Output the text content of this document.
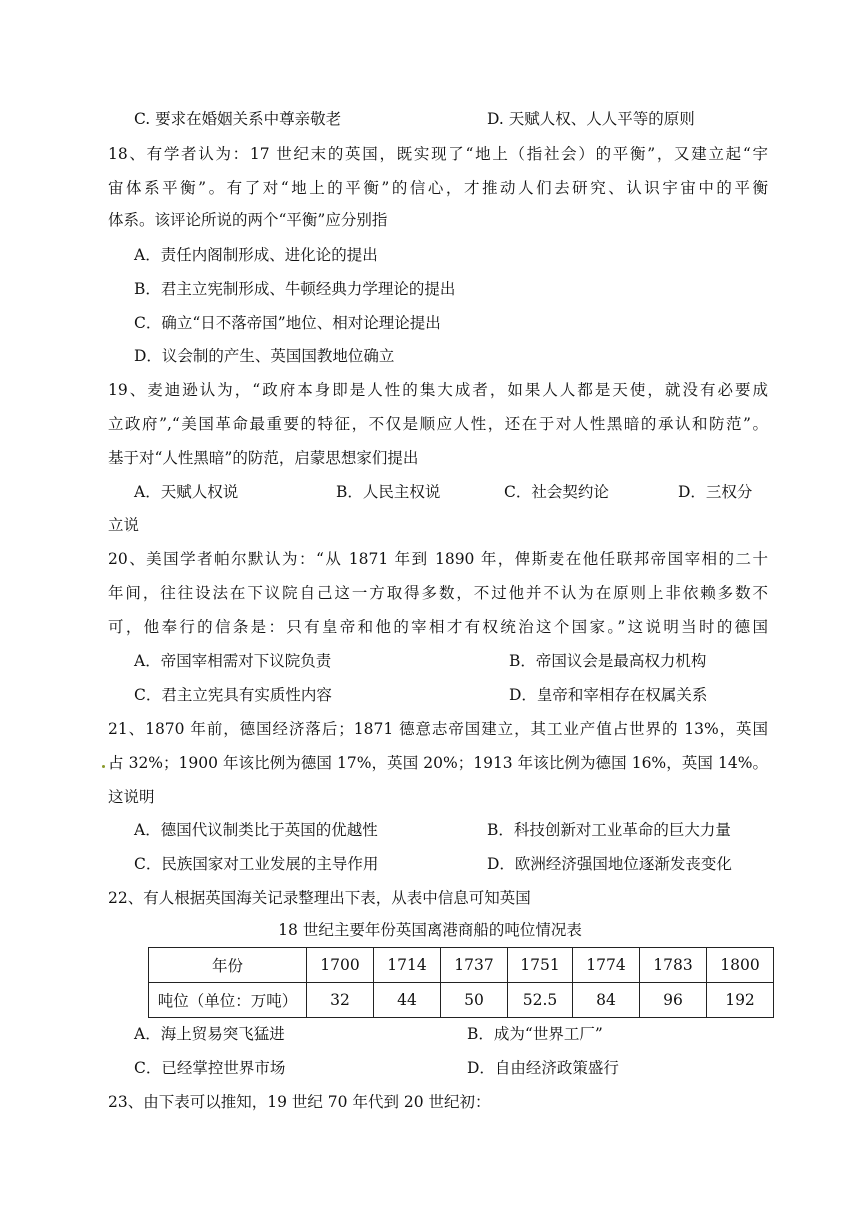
C. 要求在婚姻关系中尊亲敬老	D. 天赋人权、人人平等的原则
18、有学者认为：17 世纪末的英国，既实现了“地上（指社会）的平衡”，又建立起“宇
宙体系平衡”。有了对“地上的平衡”的信心，才推动人们去研究、认识宇宙中的平衡
体系。该评论所说的两个“平衡”应分别指
A．责任内阁制形成、进化论的提出
B．君主立宪制形成、牛顿经典力学理论的提出
C．确立“日不落帝国”地位、相对论理论提出
D．议会制的产生、英国国教地位确立
19、麦迪逊认为，“政府本身即是人性的集大成者，如果人人都是天使，就没有必要成
立政府”,“美国革命最重要的特征，不仅是顺应人性，还在于对人性黑暗的承认和防范”。
基于对“人性黑暗”的防范，启蒙思想家们提出
A．天赋人权说	B．人民主权说	C．社会契约论	D．三权分
立说
20、美国学者帕尔默认为：“从 1871 年到 1890 年，俾斯麦在他任联邦帝国宰相的二十
年间，往往设法在下议院自己这一方取得多数，不过他并不认为在原则上非依赖多数不
可，他奉行的信条是：只有皇帝和他的宰相才有权统治这个国家。”这说明当时的德国
A．帝国宰相需对下议院负责	B．帝国议会是最高权力机构
C．君主立宪具有实质性内容	D．皇帝和宰相存在权属关系
21、1870 年前，德国经济落后；1871 德意志帝国建立，其工业产值占世界的 13%，英国
占 32%；1900 年该比例为德国 17%，英国 20%；1913 年该比例为德国 16%，英国 14%。
这说明
A．德国代议制类比于英国的优越性	B．科技创新对工业革命的巨大力量
C．民族国家对工业发展的主导作用	D．欧洲经济强国地位逐渐发丧变化
22、有人根据英国海关记录整理出下表，从表中信息可知英国
18 世纪主要年份英国离港商船的吨位情况表
年份	1700	1714	1737	1751	1774	1783	1800
吨位（单位：万吨）	32	44	50	52.5	84	96	192
A．海上贸易突飞猛进	B．成为“世界工厂”
C．已经掌控世界市场	D．自由经济政策盛行
23、由下表可以推知，19 世纪 70 年代到 20 世纪初：
